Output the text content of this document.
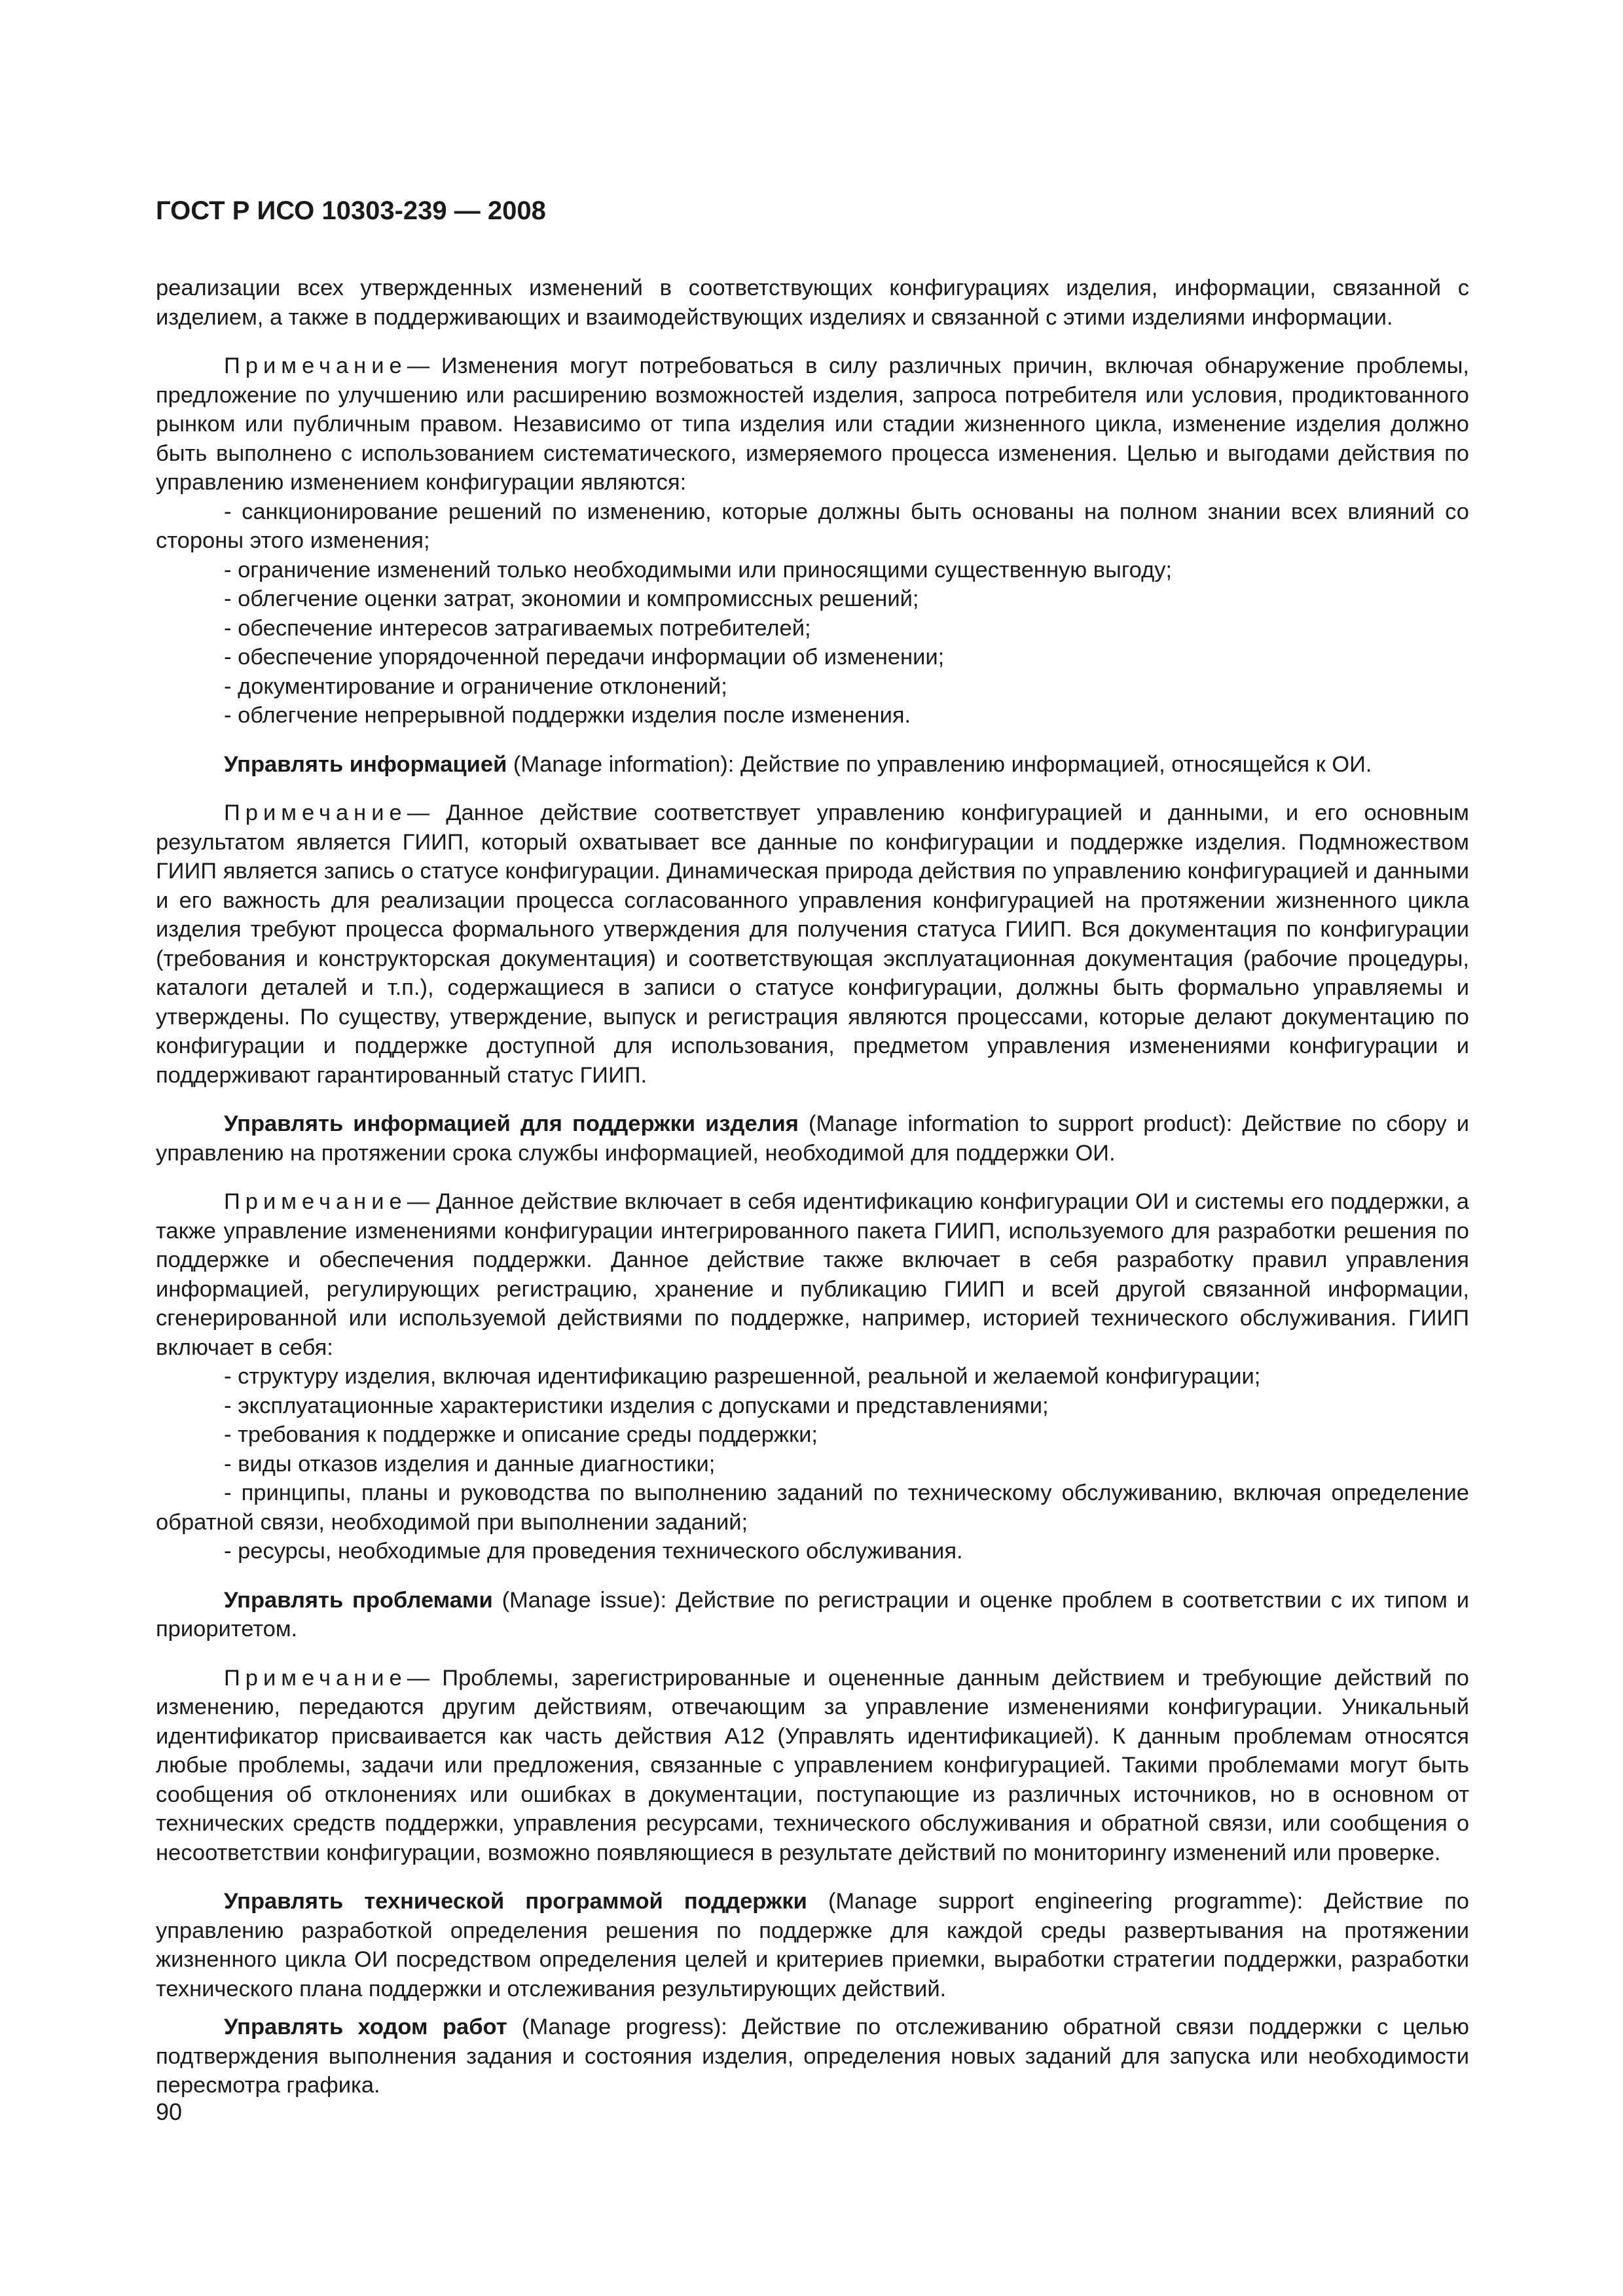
ГОСТ Р ИСО 10303-239 — 2008

реализации всех утвержденных изменений в соответствующих конфигурациях изделия, информации, связанной с изделием, а также в поддерживающих и взаимодействующих изделиях и связанной с этими изделиями информации.

Примечание— Изменения могут потребоваться в силу различных причин, включая обнаружение проблемы, предложение по улучшению или расширению возможностей изделия, запроса потребителя или условия, продиктованного рынком или публичным правом. Независимо от типа изделия или стадии жизненного цикла, изменение изделия должно быть выполнено с использованием систематического, измеряемого процесса изменения. Целью и выгодами действия по управлению изменением конфигурации являются:

- санкционирование решений по изменению, которые должны быть основаны на полном знании всех влияний со стороны этого изменения;
- ограничение изменений только необходимыми или приносящими существенную выгоду;
- облегчение оценки затрат, экономии и компромиссных решений;
- обеспечение интересов затрагиваемых потребителей;
- обеспечение упорядоченной передачи информации об изменении;
- документирование и ограничение отклонений;
- облегчение непрерывной поддержки изделия после изменения.

Управлять информацией (Manage information): Действие по управлению информацией, относящейся к ОИ.

Примечание— Данное действие соответствует управлению конфигурацией и данными, и его основным результатом является ГИИП, который охватывает все данные по конфигурации и поддержке изделия. Подмножеством ГИИП является запись о статусе конфигурации. Динамическая природа действия по управлению конфигурацией и данными и его важность для реализации процесса согласованного управления конфигурацией на протяжении жизненного цикла изделия требуют процесса формального утверждения для получения статуса ГИИП. Вся документация по конфигурации (требования и конструкторская документация) и соответствующая эксплуатационная документация (рабочие процедуры, каталоги деталей и т.п.), содержащиеся в записи о статусе конфигурации, должны быть формально управляемы и утверждены. По существу, утверждение, выпуск и регистрация являются процессами, которые делают документацию по конфигурации и поддержке доступной для использования, предметом управления изменениями конфигурации и поддерживают гарантированный статус ГИИП.

Управлять информацией для поддержки изделия (Manage information to support product): Действие по сбору и управлению на протяжении срока службы информацией, необходимой для поддержки ОИ.

Примечание— Данное действие включает в себя идентификацию конфигурации ОИ и системы его поддержки, а также управление изменениями конфигурации интегрированного пакета ГИИП, используемого для разработки решения по поддержке и обеспечения поддержки. Данное действие также включает в себя разработку правил управления информацией, регулирующих регистрацию, хранение и публикацию ГИИП и всей другой связанной информации, сгенерированной или используемой действиями по поддержке, например, историей технического обслуживания. ГИИП включает в себя:

- структуру изделия, включая идентификацию разрешенной, реальной и желаемой конфигурации;
- эксплуатационные характеристики изделия с допусками и представлениями;
- требования к поддержке и описание среды поддержки;
- виды отказов изделия и данные диагностики;
- принципы, планы и руководства по выполнению заданий по техническому обслуживанию, включая определение обратной связи, необходимой при выполнении заданий;
- ресурсы, необходимые для проведения технического обслуживания.

Управлять проблемами (Manage issue): Действие по регистрации и оценке проблем в соответствии с их типом и приоритетом.

Примечание— Проблемы, зарегистрированные и оцененные данным действием и требующие действий по изменению, передаются другим действиям, отвечающим за управление изменениями конфигурации. Уникальный идентификатор присваивается как часть действия А12 (Управлять идентификацией). К данным проблемам относятся любые проблемы, задачи или предложения, связанные с управлением конфигурацией. Такими проблемами могут быть сообщения об отклонениях или ошибках в документации, поступающие из различных источников, но в основном от технических средств поддержки, управления ресурсами, технического обслуживания и обратной связи, или сообщения о несоответствии конфигурации, возможно появляющиеся в результате действий по мониторингу изменений или проверке.

Управлять технической программой поддержки (Manage support engineering programme): Действие по управлению разработкой определения решения по поддержке для каждой среды развертывания на протяжении жизненного цикла ОИ посредством определения целей и критериев приемки, выработки стратегии поддержки, разработки технического плана поддержки и отслеживания результирующих действий.

Управлять ходом работ (Manage progress): Действие по отслеживанию обратной связи поддержки с целью подтверждения выполнения задания и состояния изделия, определения новых заданий для запуска или необходимости пересмотра графика.

90
